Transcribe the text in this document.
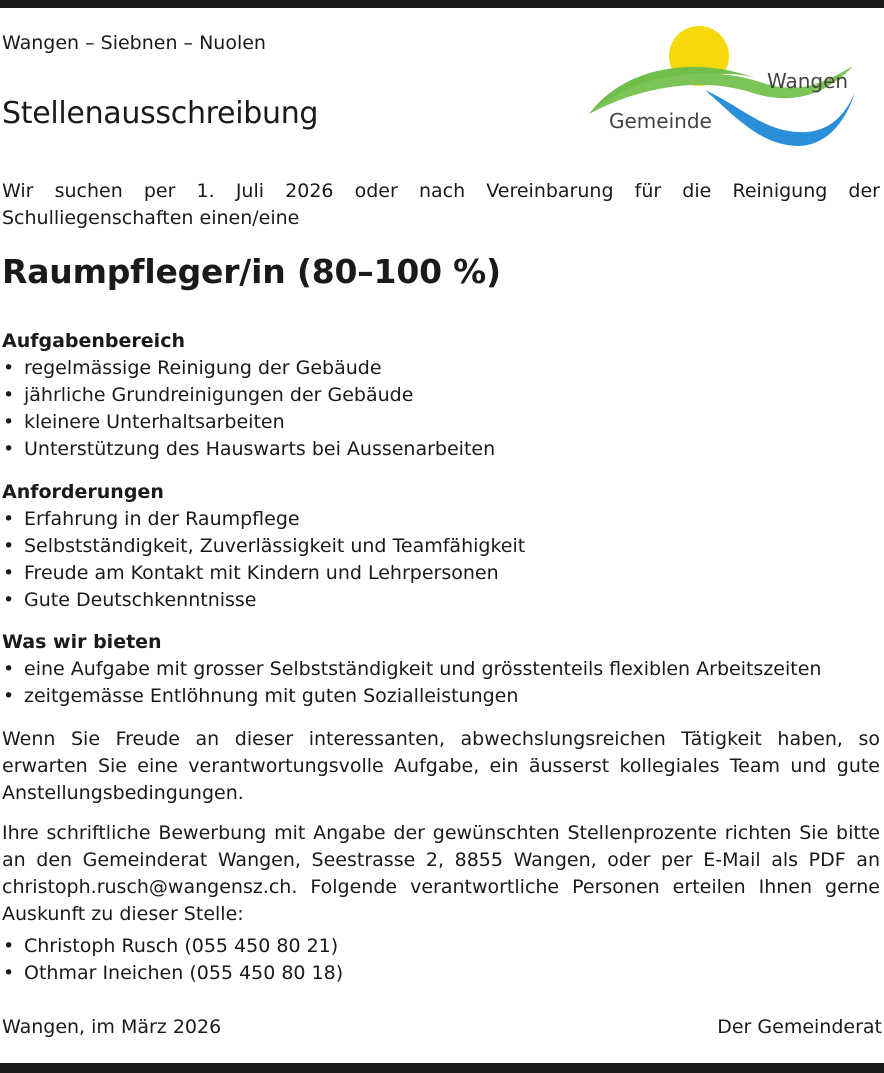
Wangen – Siebnen – Nuolen
Stellenausschreibung	Gemeinde
Wangen
Wir suchen per 1. Juli 2026 oder nach Vereinbarung für die Reinigung der Schulliegenschaften einen/eine
Raumpfleger/in (80–100 %)

Aufgabenbereich

• regelmässige Reinigung der Gebäude
• jährliche Grundreinigungen der Gebäude
• kleinere Unterhaltsarbeiten
• Unterstützung des Hauswarts bei Aussenarbeiten

Anforderungen

• Erfahrung in der Raumpflege
• Selbstständigkeit, Zuverlässigkeit und Teamfähigkeit
• Freude am Kontakt mit Kindern und Lehrpersonen
• Gute Deutschkenntnisse

Was wir bieten

• eine Aufgabe mit grosser Selbstständigkeit und grösstenteils flexiblen Arbeitszeiten
• zeitgemässe Entlöhnung mit guten Sozialleistungen
Wenn Sie Freude an dieser interessanten, abwechslungsreichen Tätigkeit haben, so erwarten Sie eine verantwortungsvolle Aufgabe, ein äusserst kollegiales Team und gute Anstellungsbedingungen.
Ihre schriftliche Bewerbung mit Angabe der gewünschten Stellenprozente richten Sie bitte an den Gemeinderat Wangen, Seestrasse 2, 8855 Wangen, oder per E-Mail als PDF an christoph.rusch@wangensz.ch. Folgende verantwortliche Personen erteilen Ihnen gerne Auskunft zu dieser Stelle:
• Christoph Rusch (055 450 80 21)
• Othmar Ineichen (055 450 80 18)
Wangen, im März 2026	Der Gemeinderat
